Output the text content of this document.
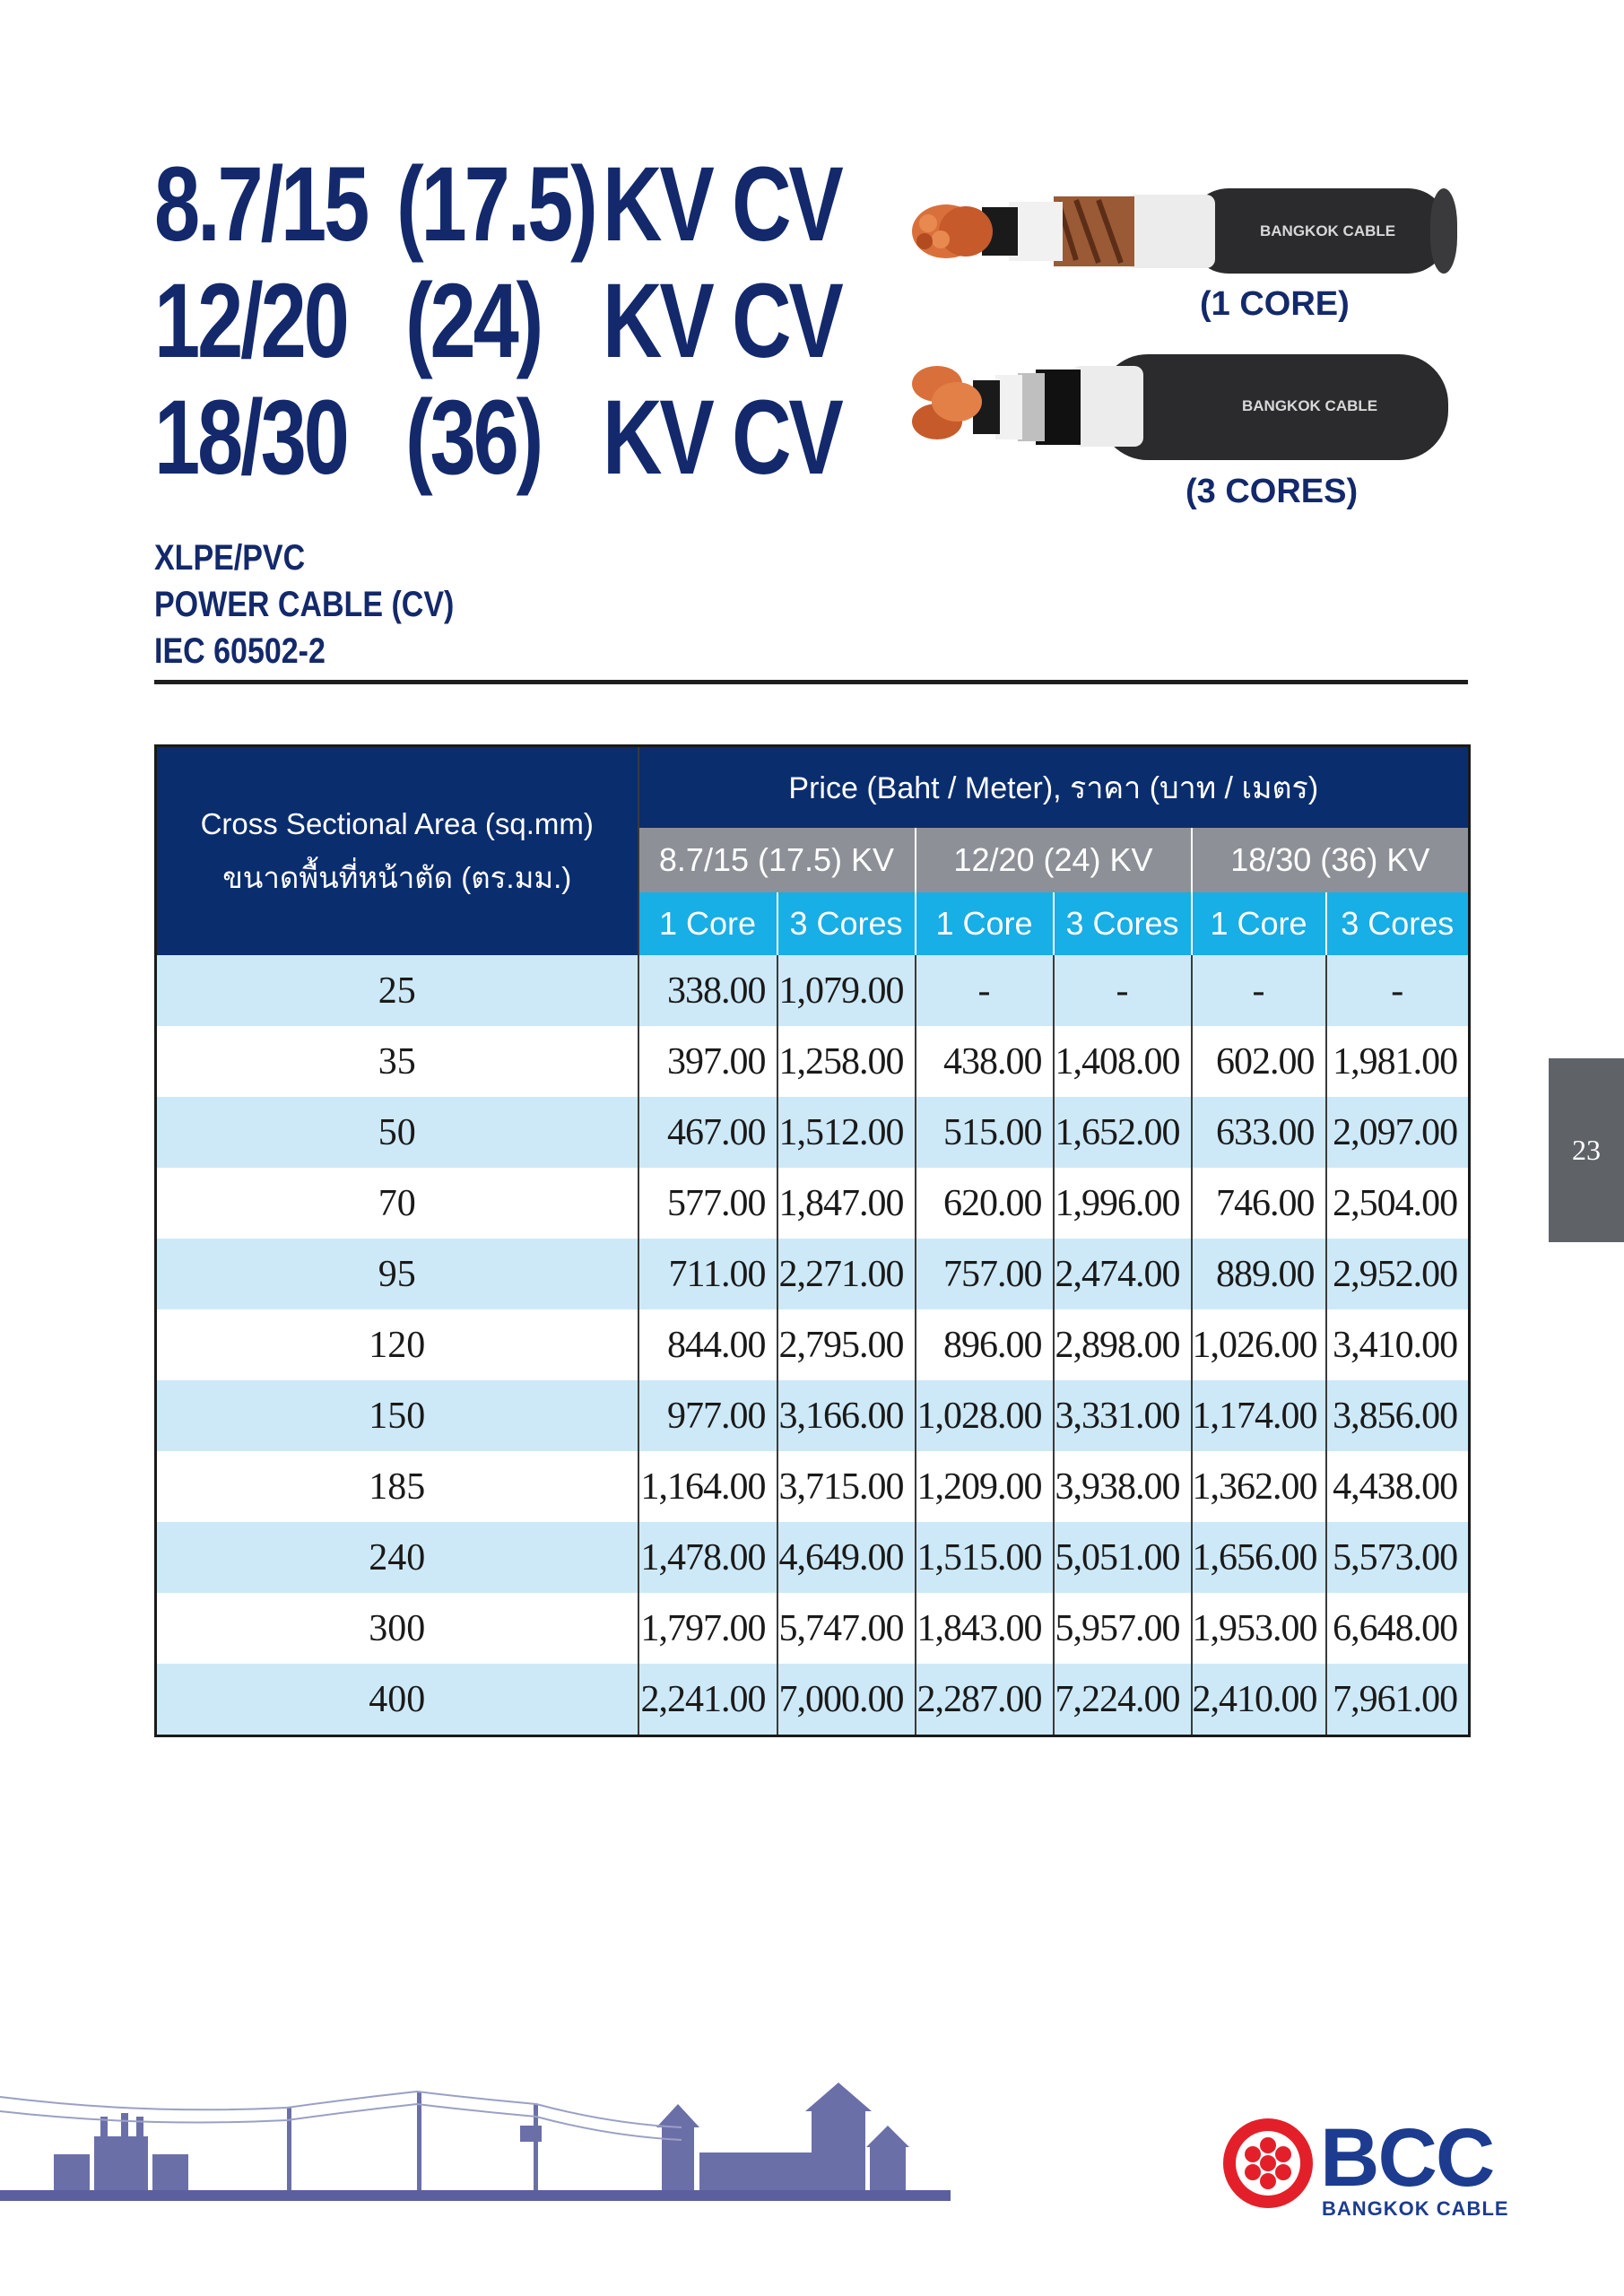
8.7/15 (17.5) KV CV
12/20 (24) KV CV
18/30 (36) KV CV
XLPE/PVC
POWER CABLE (CV)
IEC 60502-2
BANGKOK CABLE
(1 CORE)
BANGKOK CABLE
(3 CORES)
Cross Sectional Area (sq.mm)
ขนาดพื้นที่หน้าตัด (ตร.มม.)	Price (Baht / Meter), ราคา (บาท / เมตร)					
	8.7/15 (17.5) KV		12/20 (24) KV		18/30 (36) KV	
	1 Core	3 Cores	1 Core	3 Cores	1 Core	3 Cores
25	338.00	1,079.00	-	-	-	-
35	397.00	1,258.00	438.00	1,408.00	602.00	1,981.00
50	467.00	1,512.00	515.00	1,652.00	633.00	2,097.00
70	577.00	1,847.00	620.00	1,996.00	746.00	2,504.00
95	711.00	2,271.00	757.00	2,474.00	889.00	2,952.00
120	844.00	2,795.00	896.00	2,898.00	1,026.00	3,410.00
150	977.00	3,166.00	1,028.00	3,331.00	1,174.00	3,856.00
185	1,164.00	3,715.00	1,209.00	3,938.00	1,362.00	4,438.00
240	1,478.00	4,649.00	1,515.00	5,051.00	1,656.00	5,573.00
300	1,797.00	5,747.00	1,843.00	5,957.00	1,953.00	6,648.00
400	2,241.00	7,000.00	2,287.00	7,224.00	2,410.00	7,961.00
23
BCC
BANGKOK CABLE
